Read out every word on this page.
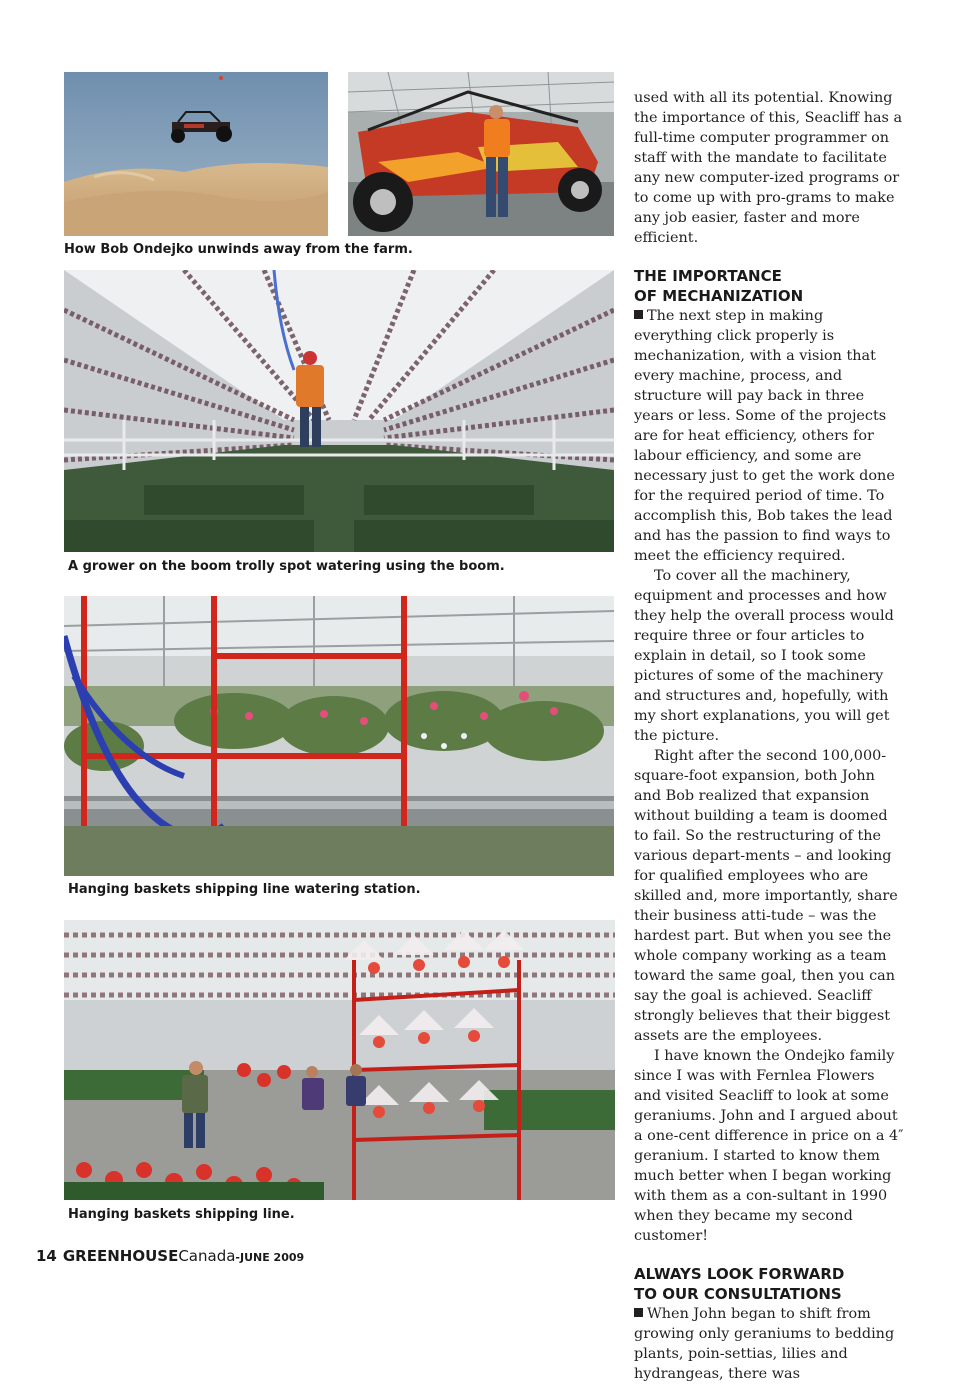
How Bob Ondejko unwinds away from the farm.

A grower on the boom trolly spot watering using the boom.

Hanging baskets shipping line watering station.

Hanging baskets shipping line.

used with all its potential. Knowing the importance of this, Seacliff has a full-time computer programmer on staff with the mandate to facilitate any new computer-ized programs or to come up with pro-grams to make any job easier, faster and more efficient.

THE IMPORTANCE
OF MECHANIZATION

The next step in making everything click properly is mechanization, with a vision that every machine, process, and structure will pay back in three years or less. Some of the projects are for heat efficiency, others for labour efficiency, and some are necessary just to get the work done for the required period of time. To accomplish this, Bob takes the lead and has the passion to find ways to meet the efficiency required.

To cover all the machinery, equipment and processes and how they help the overall process would require three or four articles to explain in detail, so I took some pictures of some of the machinery and structures and, hopefully, with my short explanations, you will get the picture.

Right after the second 100,000-square-foot expansion, both John and Bob realized that expansion without building a team is doomed to fail. So the restructuring of the various depart-ments – and looking for qualified employees who are skilled and, more importantly, share their business atti-tude – was the hardest part. But when you see the whole company working as a team toward the same goal, then you can say the goal is achieved. Seacliff strongly believes that their biggest assets are the employees.

I have known the Ondejko family since I was with Fernlea Flowers and visited Seacliff to look at some geraniums. John and I argued about a one-cent difference in price on a 4″ geranium. I started to know them much better when I began working with them as a con-sultant in 1990 when they became my second customer!

ALWAYS LOOK FORWARD
TO OUR CONSULTATIONS

When John began to shift from growing only geraniums to bedding plants, poin-settias, lilies and hydrangeas, there was

14 GREENHOUSECanada-JUNE 2009
